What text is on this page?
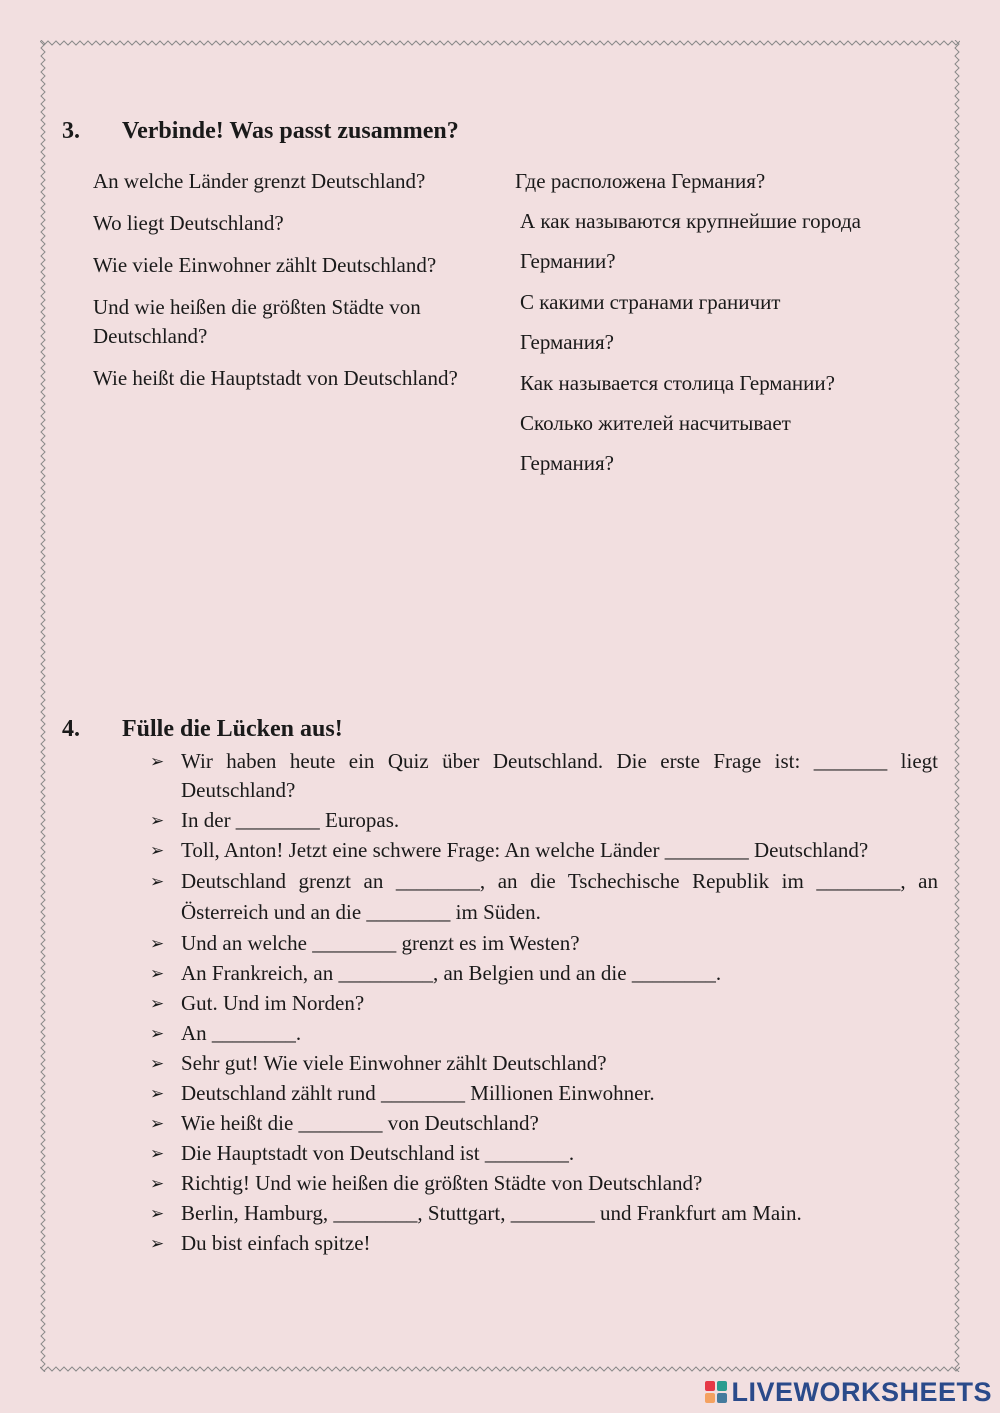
3. Verbinde! Was passt zusammen?

An welche Länder grenzt Deutschland?

Wo liegt Deutschland?

Wie viele Einwohner zählt Deutschland?

Und wie heißen die größten Städte von Deutschland?

Wie heißt die Hauptstadt von Deutschland?

Где расположена Германия?
А как называются крупнейшие города
Германии?
С какими странами граничит
Германия?
Как называется столица Германии?
Сколько жителей насчитывает
Германия?
4. Fülle die Lücken aus!
➢ Wir haben heute ein Quiz über Deutschland. Die erste Frage ist: _______ liegt Deutschland?
➢ In der ________ Europas.
➢ Toll, Anton! Jetzt eine schwere Frage: An welche Länder ________ Deutschland?
➢ Deutschland grenzt an ________, an die Tschechische Republik im ________, an Österreich und an die ________ im Süden.
➢ Und an welche ________ grenzt es im Westen?
➢ An Frankreich, an _________, an Belgien und an die ________.
➢ Gut. Und im Norden?
➢ An ________.
➢ Sehr gut! Wie viele Einwohner zählt Deutschland?
➢ Deutschland zählt rund ________ Millionen Einwohner.
➢ Wie heißt die ________ von Deutschland?
➢ Die Hauptstadt von Deutschland ist ________.
➢ Richtig! Und wie heißen die größten Städte von Deutschland?
➢ Berlin, Hamburg, ________, Stuttgart, ________ und Frankfurt am Main.
➢ Du bist einfach spitze!
LIVEWORKSHEETS
